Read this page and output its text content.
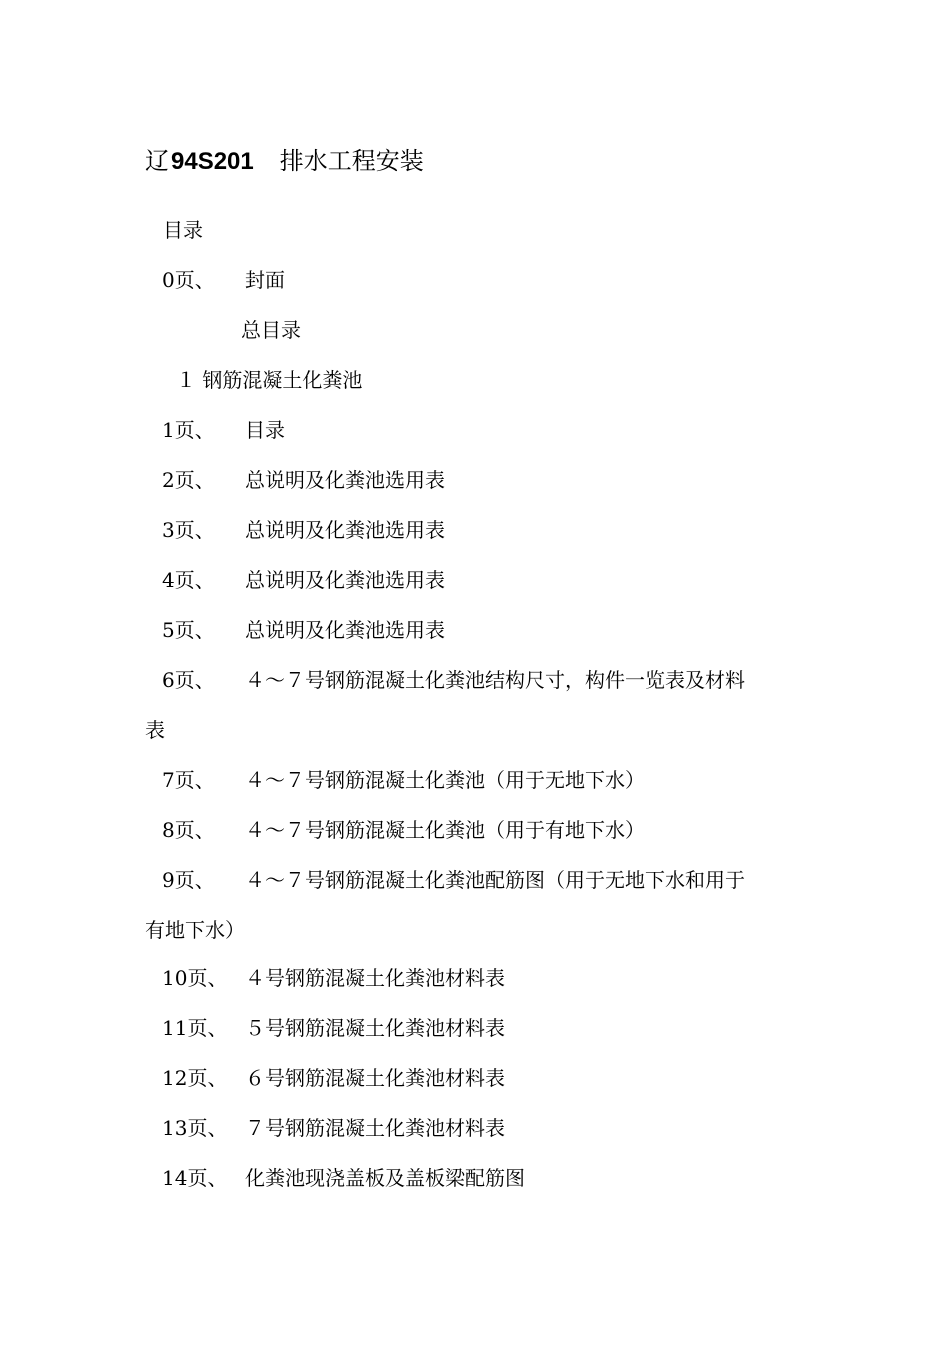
辽94S201 排水工程安装
目录
0页、 封面
总目录
１ 钢筋混凝土化粪池
1页、 目录
2页、 总说明及化粪池选用表
3页、 总说明及化粪池选用表
4页、 总说明及化粪池选用表
5页、 总说明及化粪池选用表
6页、 ４～７号钢筋混凝土化粪池结构尺寸，构件一览表及材料
表
7页、 ４～７号钢筋混凝土化粪池（用于无地下水）
8页、 ４～７号钢筋混凝土化粪池（用于有地下水）
9页、 ４～７号钢筋混凝土化粪池配筋图（用于无地下水和用于
有地下水）
10页、 ４号钢筋混凝土化粪池材料表
11页、 ５号钢筋混凝土化粪池材料表
12页、 ６号钢筋混凝土化粪池材料表
13页、 ７号钢筋混凝土化粪池材料表
14页、 化粪池现浇盖板及盖板梁配筋图
